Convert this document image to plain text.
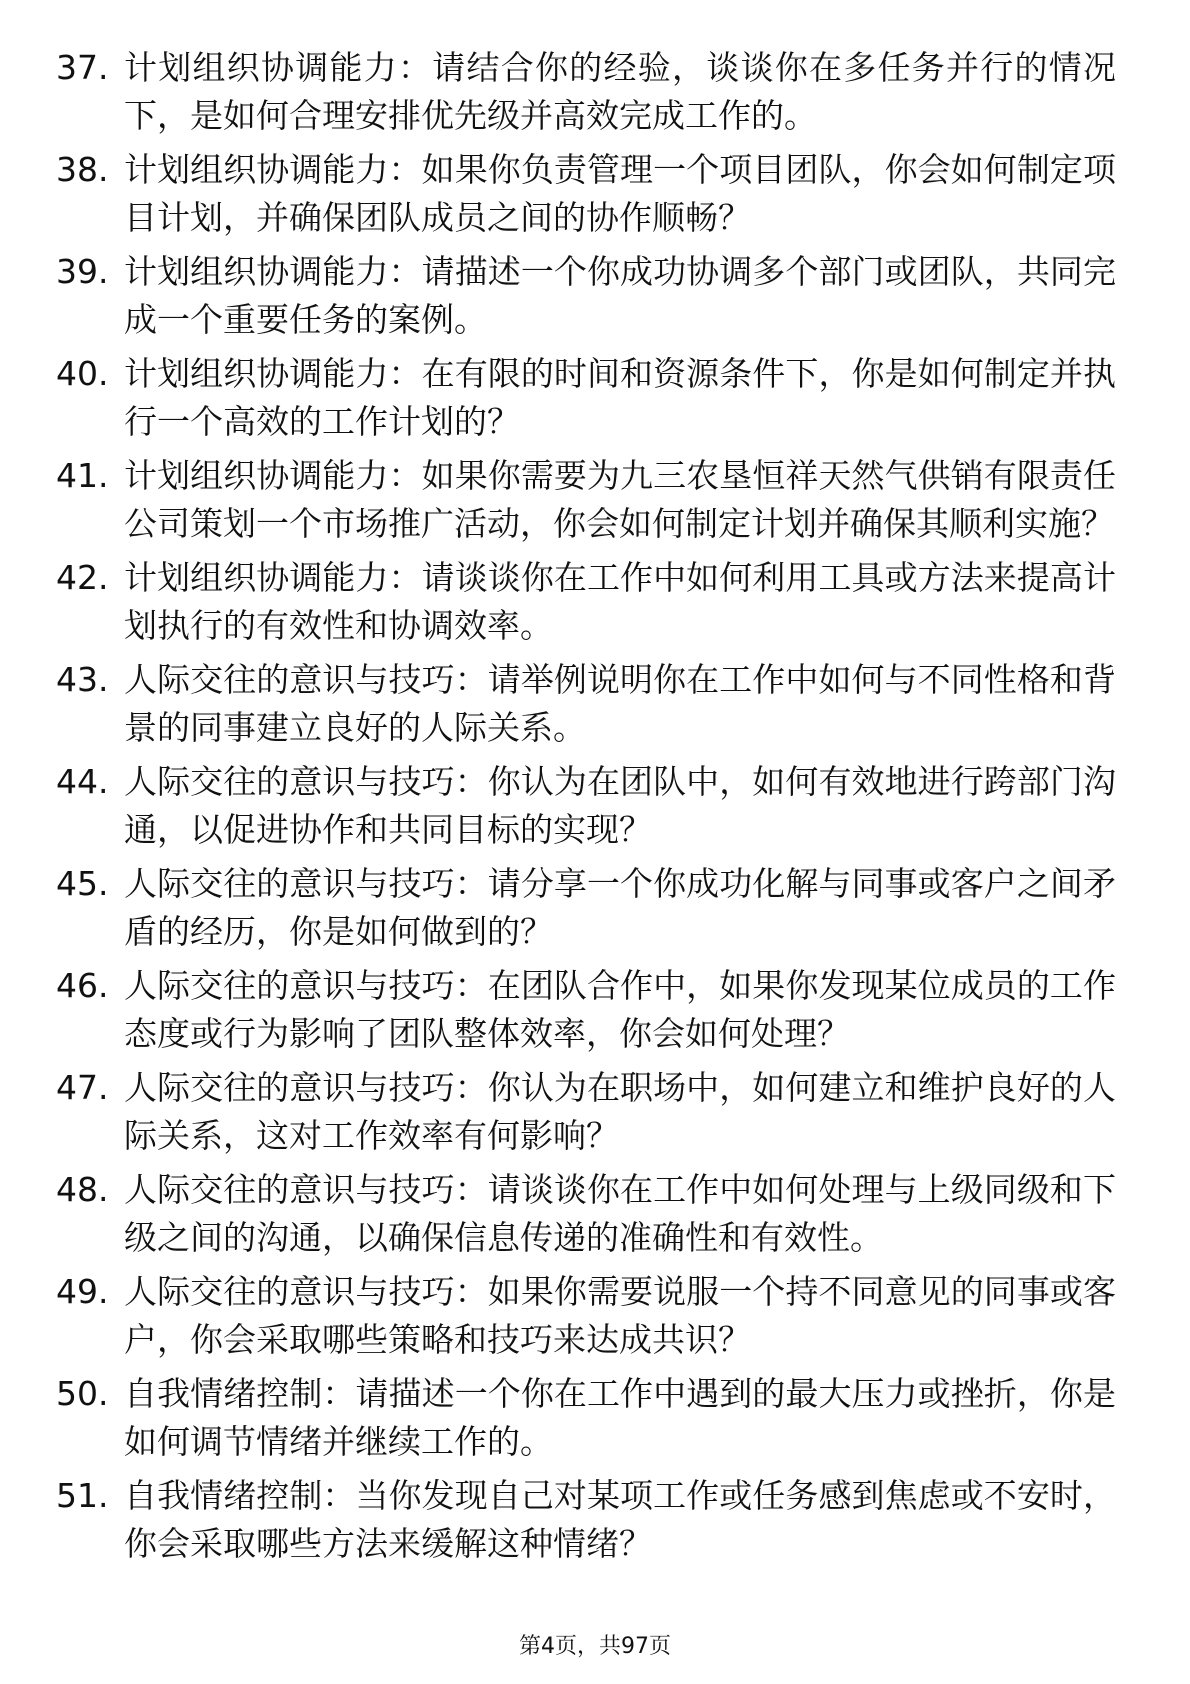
37. 计划组织协调能力：请结合你的经验，谈谈你在多任务并行的情况下，是如何合理安排优先级并高效完成工作的。
38. 计划组织协调能力：如果你负责管理一个项目团队，你会如何制定项目计划，并确保团队成员之间的协作顺畅？
39. 计划组织协调能力：请描述一个你成功协调多个部门或团队，共同完成一个重要任务的案例。
40. 计划组织协调能力：在有限的时间和资源条件下，你是如何制定并执行一个高效的工作计划的？
41. 计划组织协调能力：如果你需要为九三农垦恒祥天然气供销有限责任公司策划一个市场推广活动，你会如何制定计划并确保其顺利实施？
42. 计划组织协调能力：请谈谈你在工作中如何利用工具或方法来提高计划执行的有效性和协调效率。
43. 人际交往的意识与技巧：请举例说明你在工作中如何与不同性格和背景的同事建立良好的人际关系。
44. 人际交往的意识与技巧：你认为在团队中，如何有效地进行跨部门沟通，以促进协作和共同目标的实现？
45. 人际交往的意识与技巧：请分享一个你成功化解与同事或客户之间矛盾的经历，你是如何做到的？
46. 人际交往的意识与技巧：在团队合作中，如果你发现某位成员的工作态度或行为影响了团队整体效率，你会如何处理？
47. 人际交往的意识与技巧：你认为在职场中，如何建立和维护良好的人际关系，这对工作效率有何影响？
48. 人际交往的意识与技巧：请谈谈你在工作中如何处理与上级同级和下级之间的沟通，以确保信息传递的准确性和有效性。
49. 人际交往的意识与技巧：如果你需要说服一个持不同意见的同事或客户，你会采取哪些策略和技巧来达成共识？
50. 自我情绪控制：请描述一个你在工作中遇到的最大压力或挫折，你是如何调节情绪并继续工作的。
51. 自我情绪控制：当你发现自己对某项工作或任务感到焦虑或不安时，你会采取哪些方法来缓解这种情绪？
第4页，共97页
